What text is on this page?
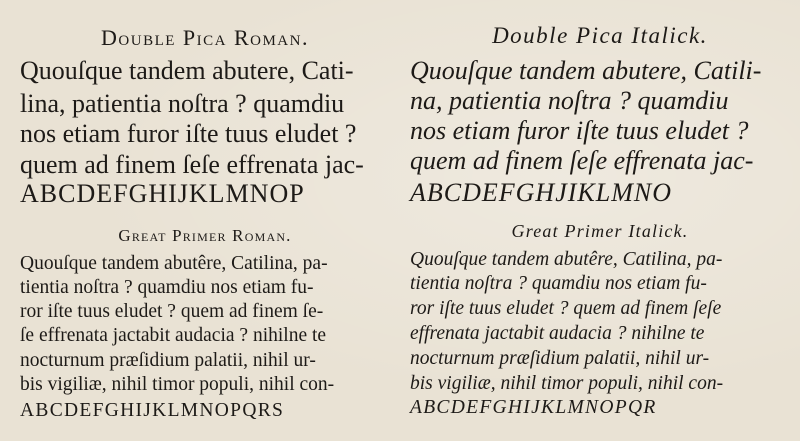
Double Pica Roman.
Quouſque tandem abutere, Cati-
lina, patientia noſtra ? quamdiu
nos etiam furor iſte tuus eludet ?
quem ad finem ſeſe effrenata jac-
ABCDEFGHIJKLMNOP
Great Primer Roman.
Quouſque tandem abutêre, Catilina, pa-
tientia noſtra ? quamdiu nos etiam fu-
ror iſte tuus eludet ? quem ad finem ſe-
ſe effrenata jactabit audacia ? nihilne te
nocturnum præſidium palatii, nihil ur-
bis vigiliæ, nihil timor populi, nihil con-
ABCDEFGHIJKLMNOPQRS
Double Pica Italick.
Quouſque tandem abutere, Catili-
na, patientia noſtra ? quamdiu
nos etiam furor iſte tuus eludet ?
quem ad finem ſeſe effrenata jac-
ABCDEFGHJIKLMNO
Great Primer Italick.
Quouſque tandem abutêre, Catilina, pa-
tientia noſtra ? quamdiu nos etiam fu-
ror iſte tuus eludet ? quem ad finem ſeſe
effrenata jactabit audacia ? nihilne te
nocturnum præſidium palatii, nihil ur-
bis vigiliæ, nihil timor populi, nihil con-
ABCDEFGHIJKLMNOPQR
